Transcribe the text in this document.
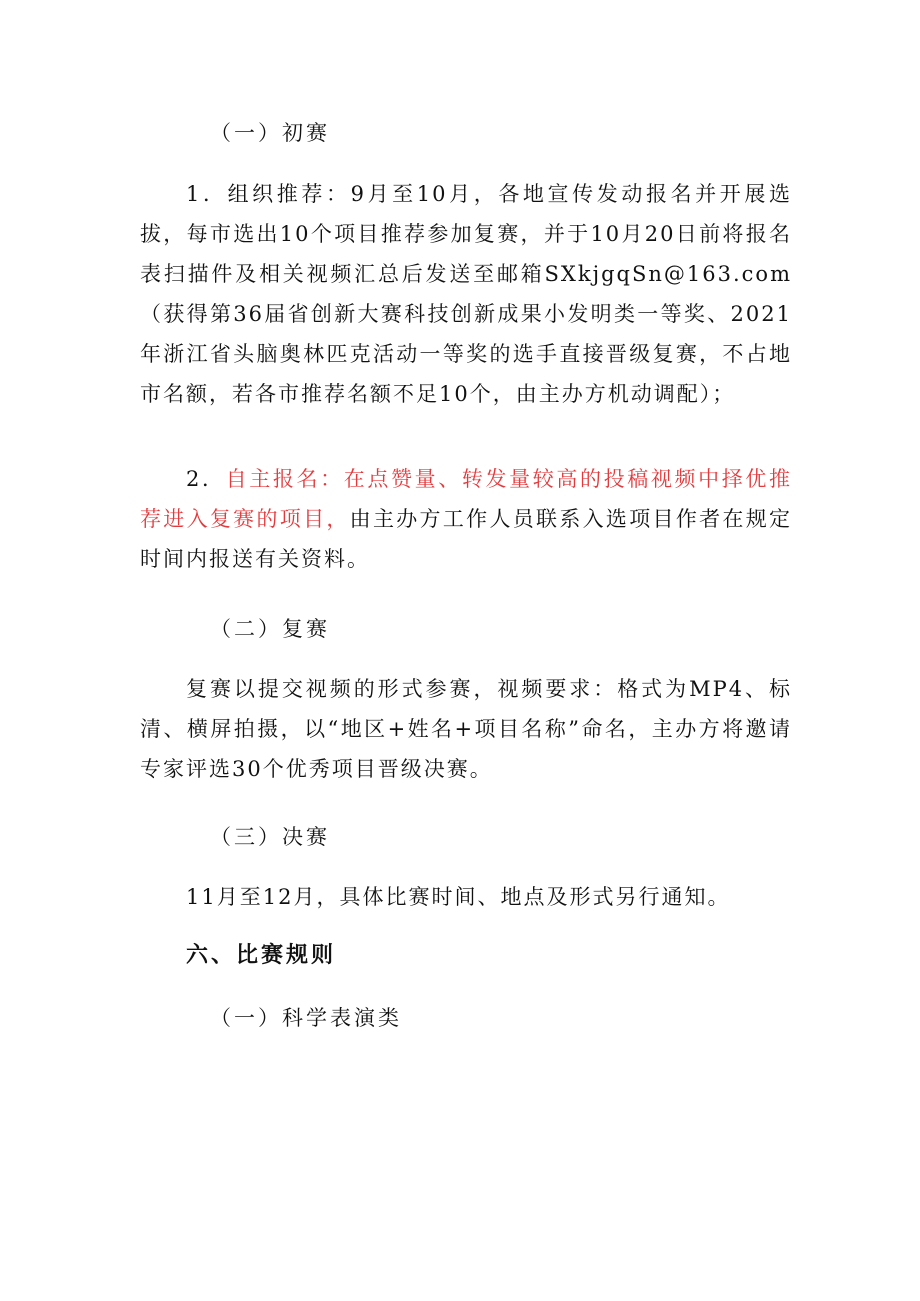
（一）初赛

1．组织推荐：9月至10月，各地宣传发动报名并开展选拔，每市选出10个项目推荐参加复赛，并于10月20日前将报名表扫描件及相关视频汇总后发送至邮箱SXkjgqSn@163.com（获得第36届省创新大赛科技创新成果小发明类一等奖、2021年浙江省头脑奥林匹克活动一等奖的选手直接晋级复赛，不占地市名额，若各市推荐名额不足10个，由主办方机动调配）；

2．自主报名：在点赞量、转发量较高的投稿视频中择优推荐进入复赛的项目，由主办方工作人员联系入选项目作者在规定时间内报送有关资料。

（二）复赛

复赛以提交视频的形式参赛，视频要求：格式为MP4、标清、横屏拍摄，以“地区+姓名+项目名称”命名，主办方将邀请专家评选30个优秀项目晋级决赛。

（三）决赛

11月至12月，具体比赛时间、地点及形式另行通知。

六、比赛规则
（一）科学表演类
